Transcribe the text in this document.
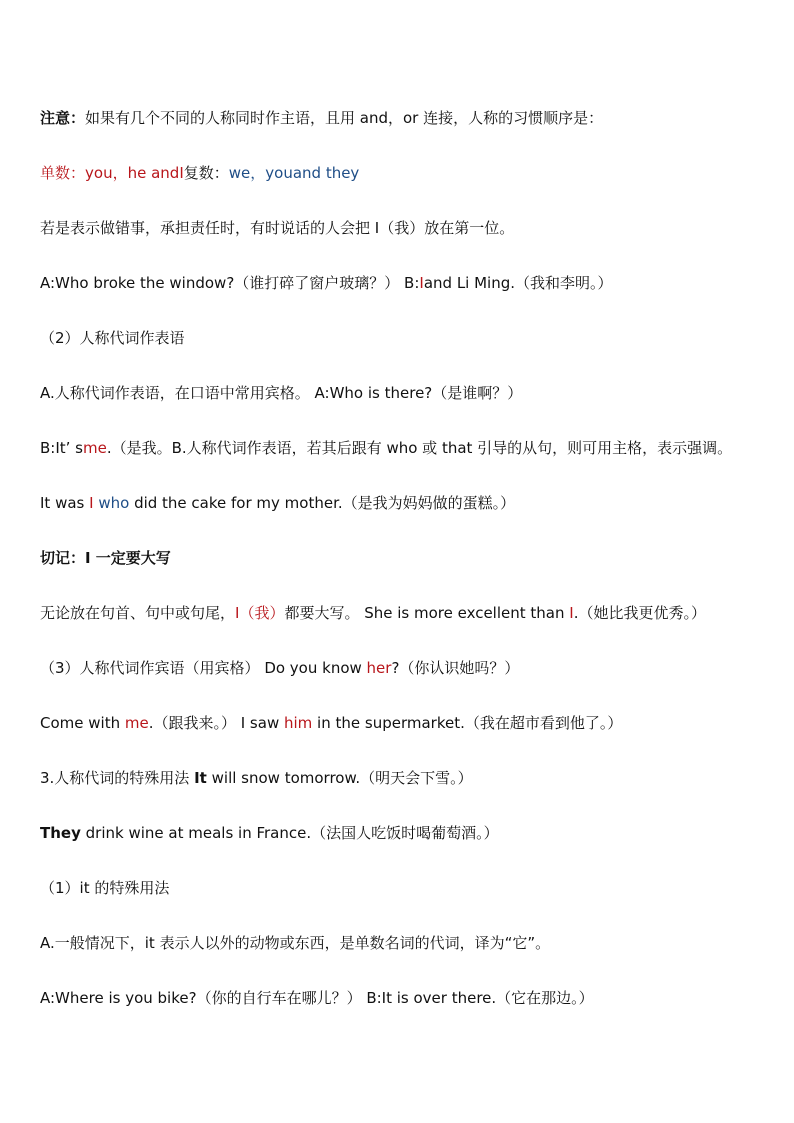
注意：如果有几个不同的人称同时作主语，且用 and，or 连接，人称的习惯顺序是：
单数：you，he andI复数：we，youand they
若是表示做错事，承担责任时，有时说话的人会把 I（我）放在第一位。
A:Who broke the window?（谁打碎了窗户玻璃？） B:Iand Li Ming.（我和李明。）
（2）人称代词作表语
A.人称代词作表语，在口语中常用宾格。 A:Who is there?（是谁啊？）
B:It’ sme.（是我。B.人称代词作表语，若其后跟有 who 或 that 引导的从句，则可用主格，表示强调。
It was I who did the cake for my mother.（是我为妈妈做的蛋糕。）
切记：I 一定要大写
无论放在句首、句中或句尾，I（我）都要大写。 She is more excellent than I.（她比我更优秀。）
（3）人称代词作宾语（用宾格） Do you know her?（你认识她吗？）
Come with me.（跟我来。） I saw him in the supermarket.（我在超市看到他了。）
3.人称代词的特殊用法 It will snow tomorrow.（明天会下雪。）
They drink wine at meals in France.（法国人吃饭时喝葡萄酒。）
（1）it 的特殊用法
A.一般情况下，it 表示人以外的动物或东西，是单数名词的代词，译为“它”。
A:Where is you bike?（你的自行车在哪儿？） B:It is over there.（它在那边。）
